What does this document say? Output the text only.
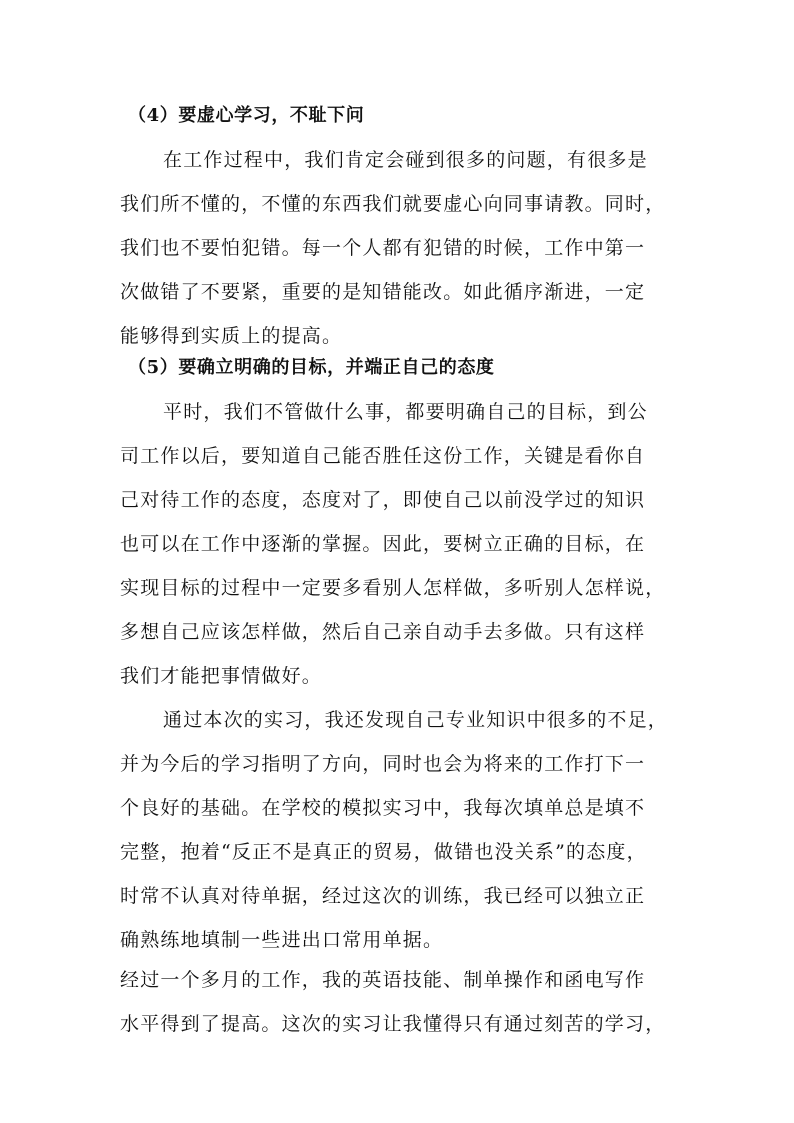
（4）要虚心学习，不耻下问
在工作过程中，我们肯定会碰到很多的问题，有很多是
我们所不懂的，不懂的东西我们就要虚心向同事请教。同时，
我们也不要怕犯错。每一个人都有犯错的时候，工作中第一
次做错了不要紧，重要的是知错能改。如此循序渐进，一定
能够得到实质上的提高。
（5）要确立明确的目标，并端正自己的态度
平时，我们不管做什么事，都要明确自己的目标，到公
司工作以后，要知道自己能否胜任这份工作，关键是看你自
己对待工作的态度，态度对了，即使自己以前没学过的知识
也可以在工作中逐渐的掌握。因此，要树立正确的目标，在
实现目标的过程中一定要多看别人怎样做，多听别人怎样说，
多想自己应该怎样做，然后自己亲自动手去多做。只有这样
我们才能把事情做好。
通过本次的实习，我还发现自己专业知识中很多的不足，
并为今后的学习指明了方向，同时也会为将来的工作打下一
个良好的基础。在学校的模拟实习中，我每次填单总是填不
完整，抱着“反正不是真正的贸易，做错也没关系”的态度，
时常不认真对待单据，经过这次的训练，我已经可以独立正
确熟练地填制一些进出口常用单据。
经过一个多月的工作，我的英语技能、制单操作和函电写作
水平得到了提高。这次的实习让我懂得只有通过刻苦的学习，
